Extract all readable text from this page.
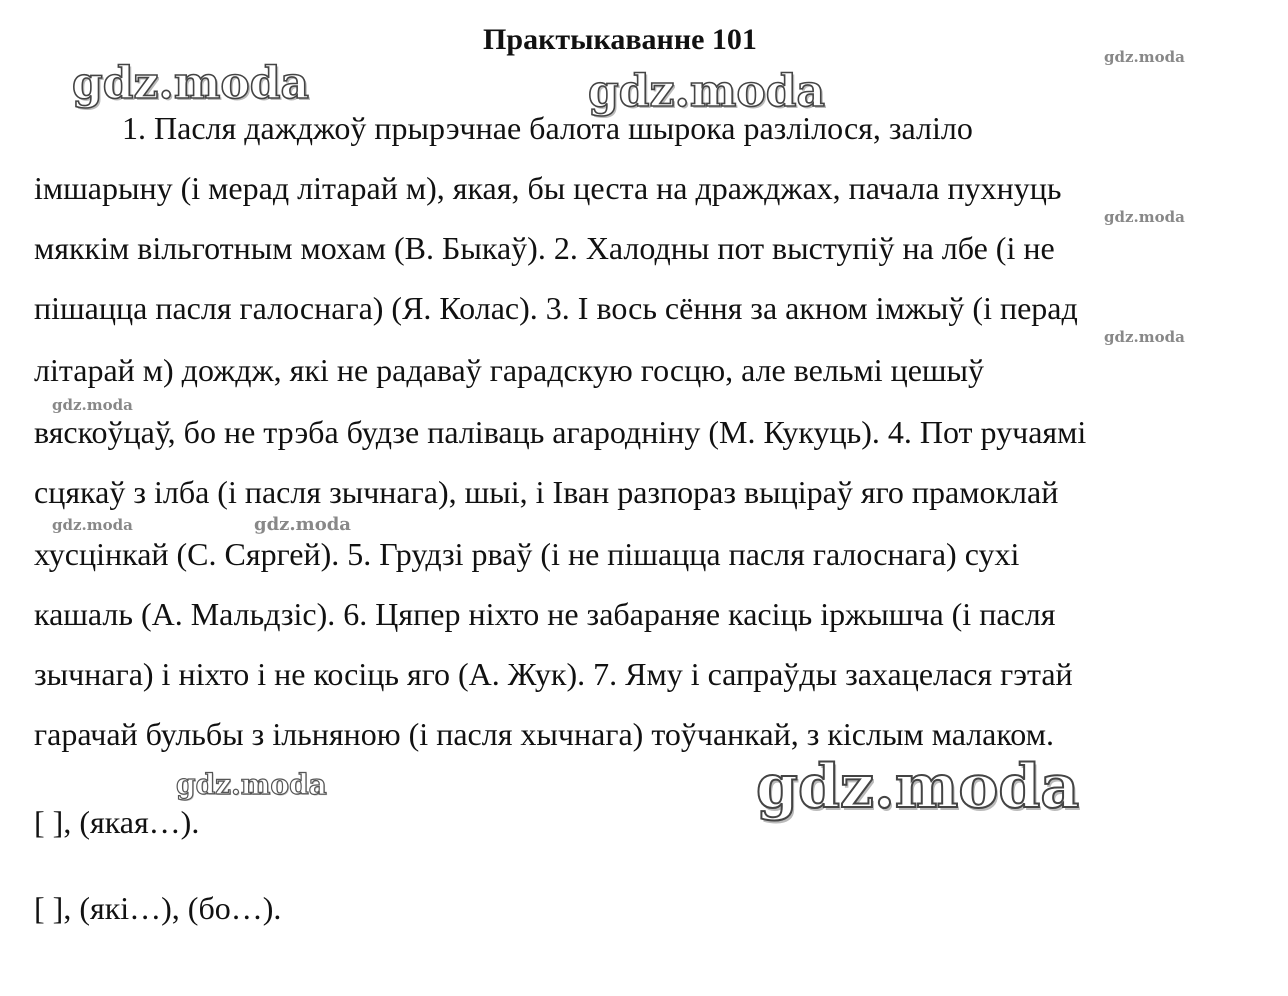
Практыкаванне 101
1. Пасля дажджоў прырэчнае балота шырока разлілося, заліло
імшарыну (і мерад літарай м), якая, бы цеста на дражджах, пачала пухнуць
мяккім вільготным мохам (В. Быкаў). 2. Халодны пот выступіў на лбе (і не
пішацца пасля галоснага) (Я. Колас). 3. І вось сёння за акном імжыў (і перад
літарай м) дождж, які не радаваў гарадскую госцю, але вельмі цешыў
вяскоўцаў, бо не трэба будзе паліваць агародніну (М. Кукуць). 4. Пот ручаямі
сцякаў з ілба (і пасля зычнага), шыі, і Іван разпораз выціраў яго прамоклай
хусцінкай (С. Сяргей). 5. Грудзі рваў (і не пішацца пасля галоснага) сухі
кашаль (А. Мальдзіс). 6. Цяпер ніхто не забараняе касіць іржышча (і пасля
зычнага) і ніхто і не косіць яго (А. Жук). 7. Яму і сапраўды захацелася гэтай
гарачай бульбы з ільняною (і пасля хычнага) тоўчанкай, з кіслым малаком.
[ ], (якая…).
[ ], (які…), (бо…).
gdz.moda	gdz.moda
gdz.moda
gdz.moda
gdz.moda
gdz.moda
gdz.moda	gdz.moda
gdz.moda	gdz.moda
